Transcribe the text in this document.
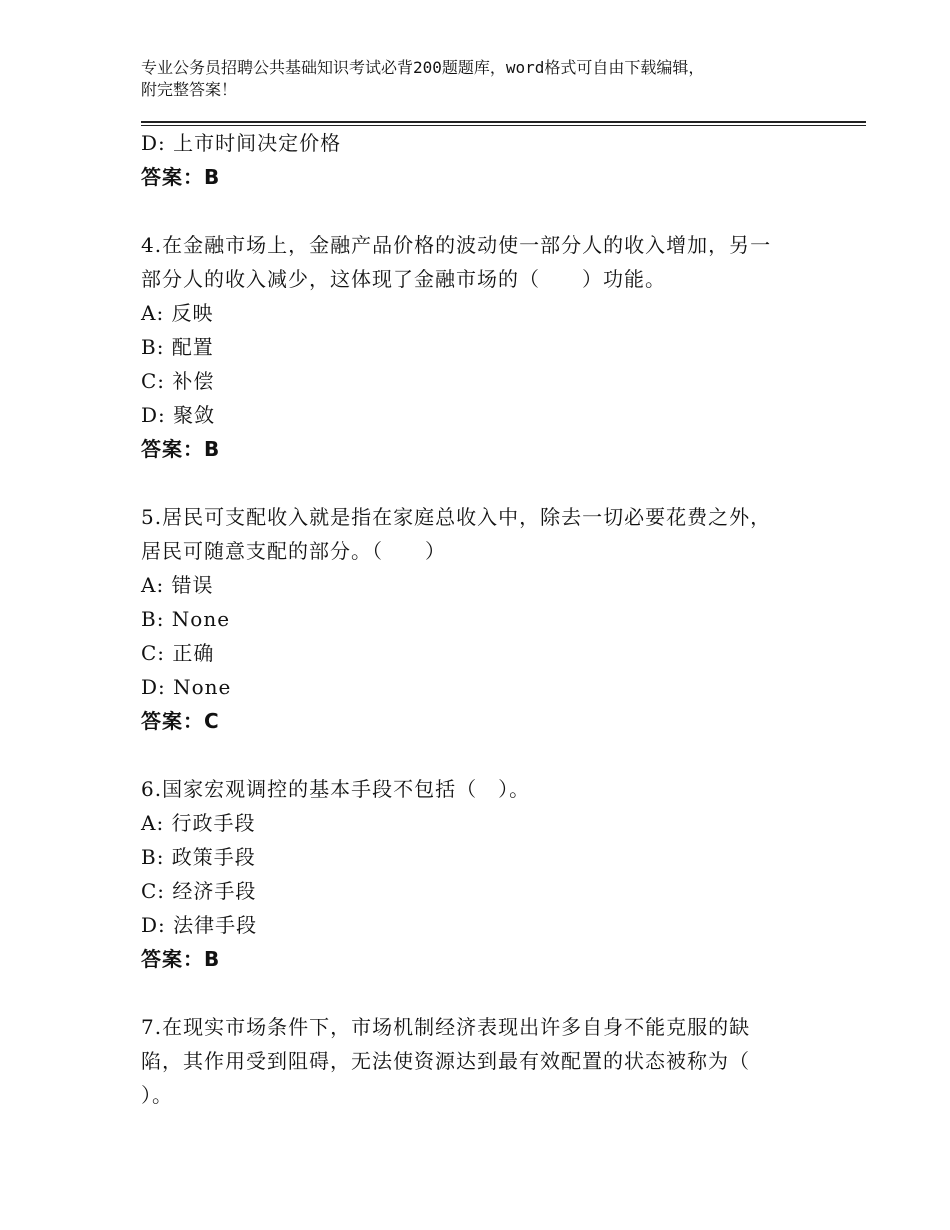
专业公务员招聘公共基础知识考试必背200题题库，word格式可自由下载编辑，
附完整答案！
D: 上市时间决定价格
答案：B
4.在金融市场上，金融产品价格的波动使一部分人的收入增加，另一
部分人的收入减少，这体现了金融市场的（　　）功能。
A: 反映
B: 配置
C: 补偿
D: 聚敛
答案：B
5.居民可支配收入就是指在家庭总收入中，除去一切必要花费之外，
居民可随意支配的部分。（　　）
A: 错误
B: None
C: 正确
D: None
答案：C
6.国家宏观调控的基本手段不包括（　）。
A: 行政手段
B: 政策手段
C: 经济手段
D: 法律手段
答案：B
7.在现实市场条件下，市场机制经济表现出许多自身不能克服的缺
陷，其作用受到阻碍，无法使资源达到最有效配置的状态被称为（
）。
